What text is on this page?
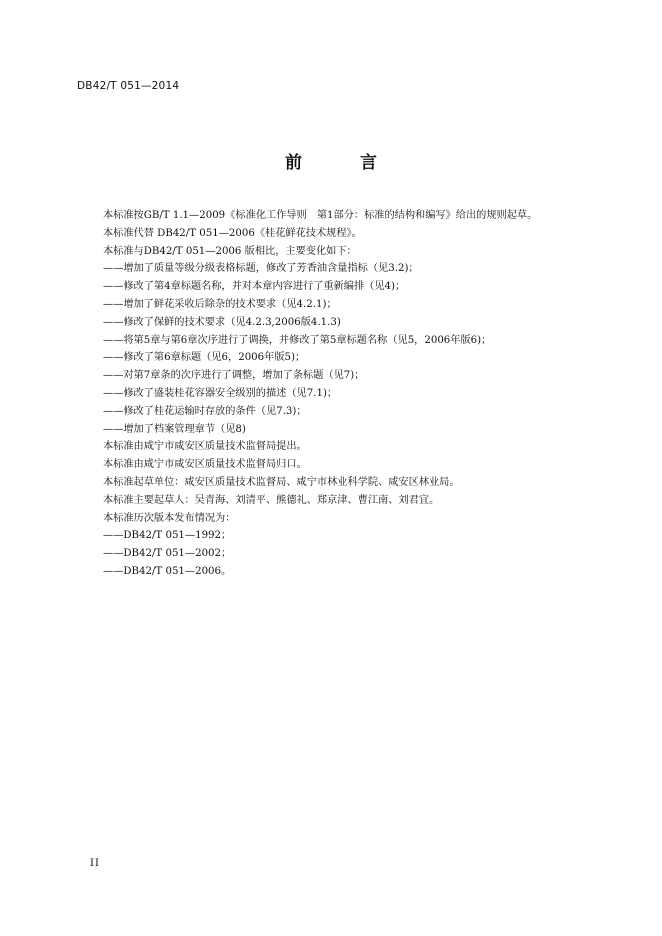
DB42/T 051—2014
前 言
本标准按GB/T 1.1—2009《标准化工作导则　第1部分：标准的结构和编写》给出的规则起草。
本标准代替 DB42/T 051—2006《桂花鲜花技术规程》。
本标准与DB42/T 051—2006 版相比，主要变化如下：
——增加了质量等级分级表格标题，修改了芳香油含量指标（见3.2)；
——修改了第4章标题名称，并对本章内容进行了重新编排（见4)；
——增加了鲜花采收后除杂的技术要求（见4.2.1)；
——修改了保鲜的技术要求（见4.2.3,2006版4.1.3)
——将第5章与第6章次序进行了调换，并修改了第5章标题名称（见5，2006年版6)；
——修改了第6章标题（见6，2006年版5)；
——对第7章条的次序进行了调整，增加了条标题（见7)；
——修改了盛装桂花容器安全级别的描述（见7.1)；
——修改了桂花运输时存放的条件（见7.3)；
——增加了档案管理章节（见8)
本标准由咸宁市咸安区质量技术监督局提出。
本标准由咸宁市咸安区质量技术监督局归口。
本标准起草单位：咸安区质量技术监督局、咸宁市林业科学院、咸安区林业局。
本标准主要起草人：吴青海、刘清平、熊德礼、郑京津、曹江南、刘君宜。
本标准历次版本发布情况为：
——DB42/T 051—1992；
——DB42/T 051—2002；
——DB42/T 051—2006。
II
